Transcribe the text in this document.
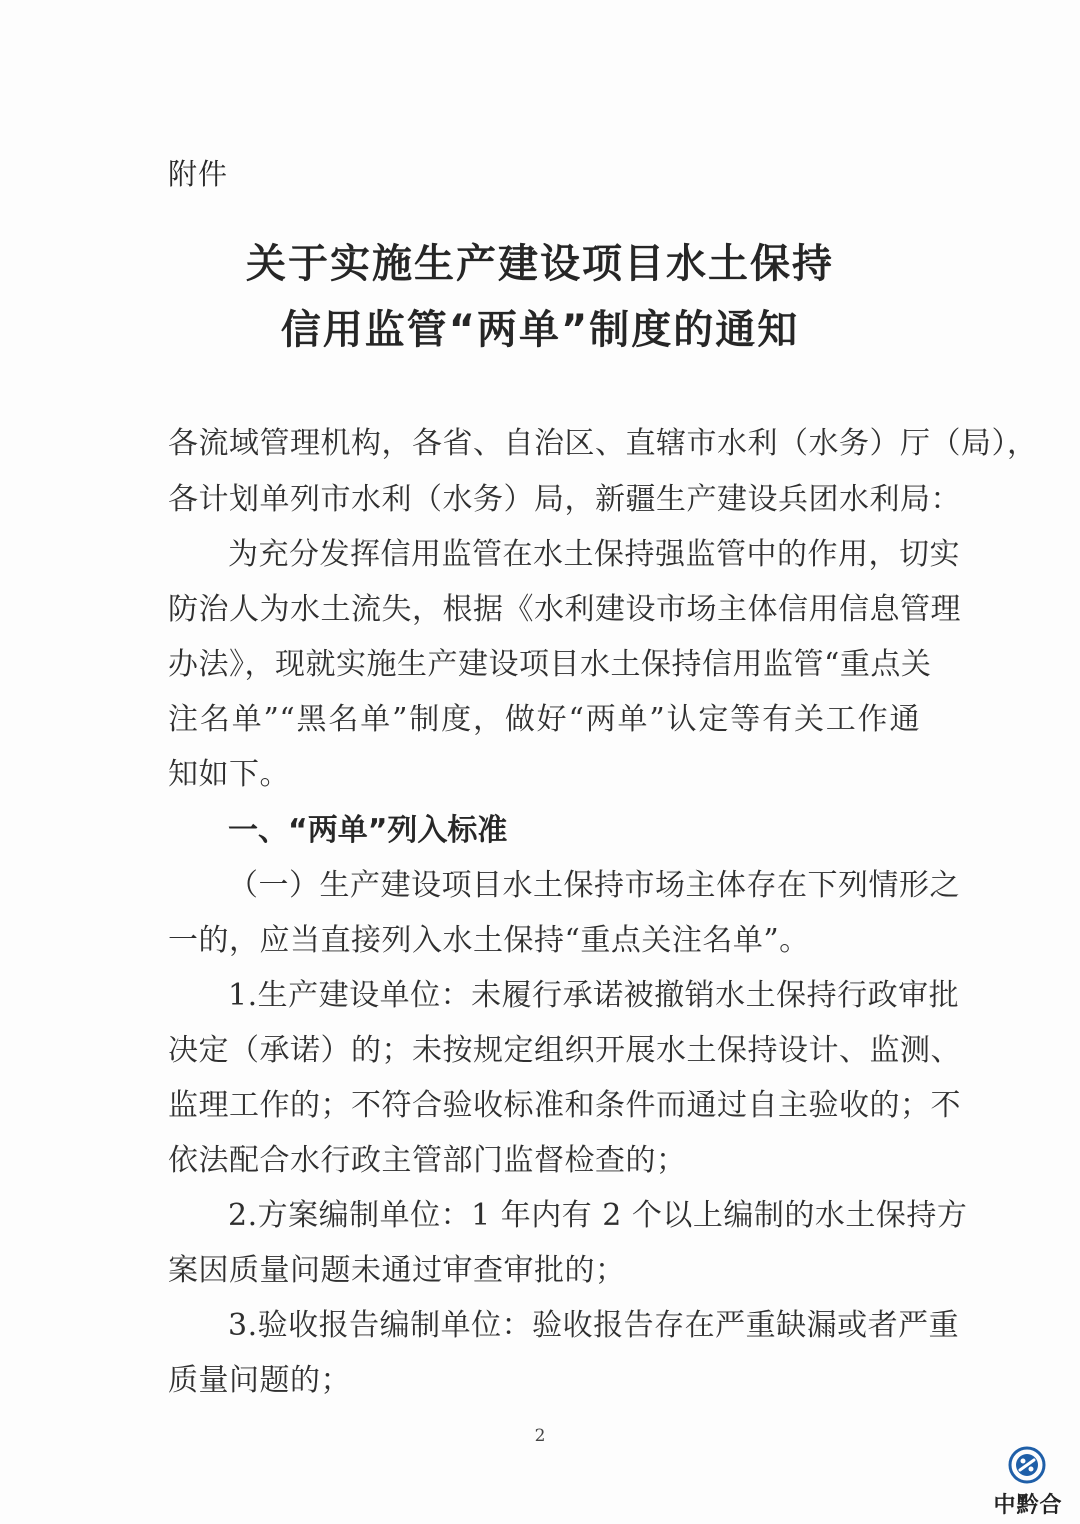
附件
关于实施生产建设项目水土保持
信用监管“两单”制度的通知
各流域管理机构，各省、自治区、直辖市水利（水务）厅（局），
各计划单列市水利（水务）局，新疆生产建设兵团水利局：
为充分发挥信用监管在水土保持强监管中的作用，切实
防治人为水土流失，根据《水利建设市场主体信用信息管理
办法》，现就实施生产建设项目水土保持信用监管“重点关
注名单”“黑名单”制度，做好“两单”认定等有关工作通
知如下。
一、“两单”列入标准
（一）生产建设项目水土保持市场主体存在下列情形之
一的，应当直接列入水土保持“重点关注名单”。
1.生产建设单位：未履行承诺被撤销水土保持行政审批
决定（承诺）的；未按规定组织开展水土保持设计、监测、
监理工作的；不符合验收标准和条件而通过自主验收的；不
依法配合水行政主管部门监督检查的；
2.方案编制单位：1 年内有 2 个以上编制的水土保持方
案因质量问题未通过审查审批的；
3.验收报告编制单位：验收报告存在严重缺漏或者严重
质量问题的；
2
中黔合
